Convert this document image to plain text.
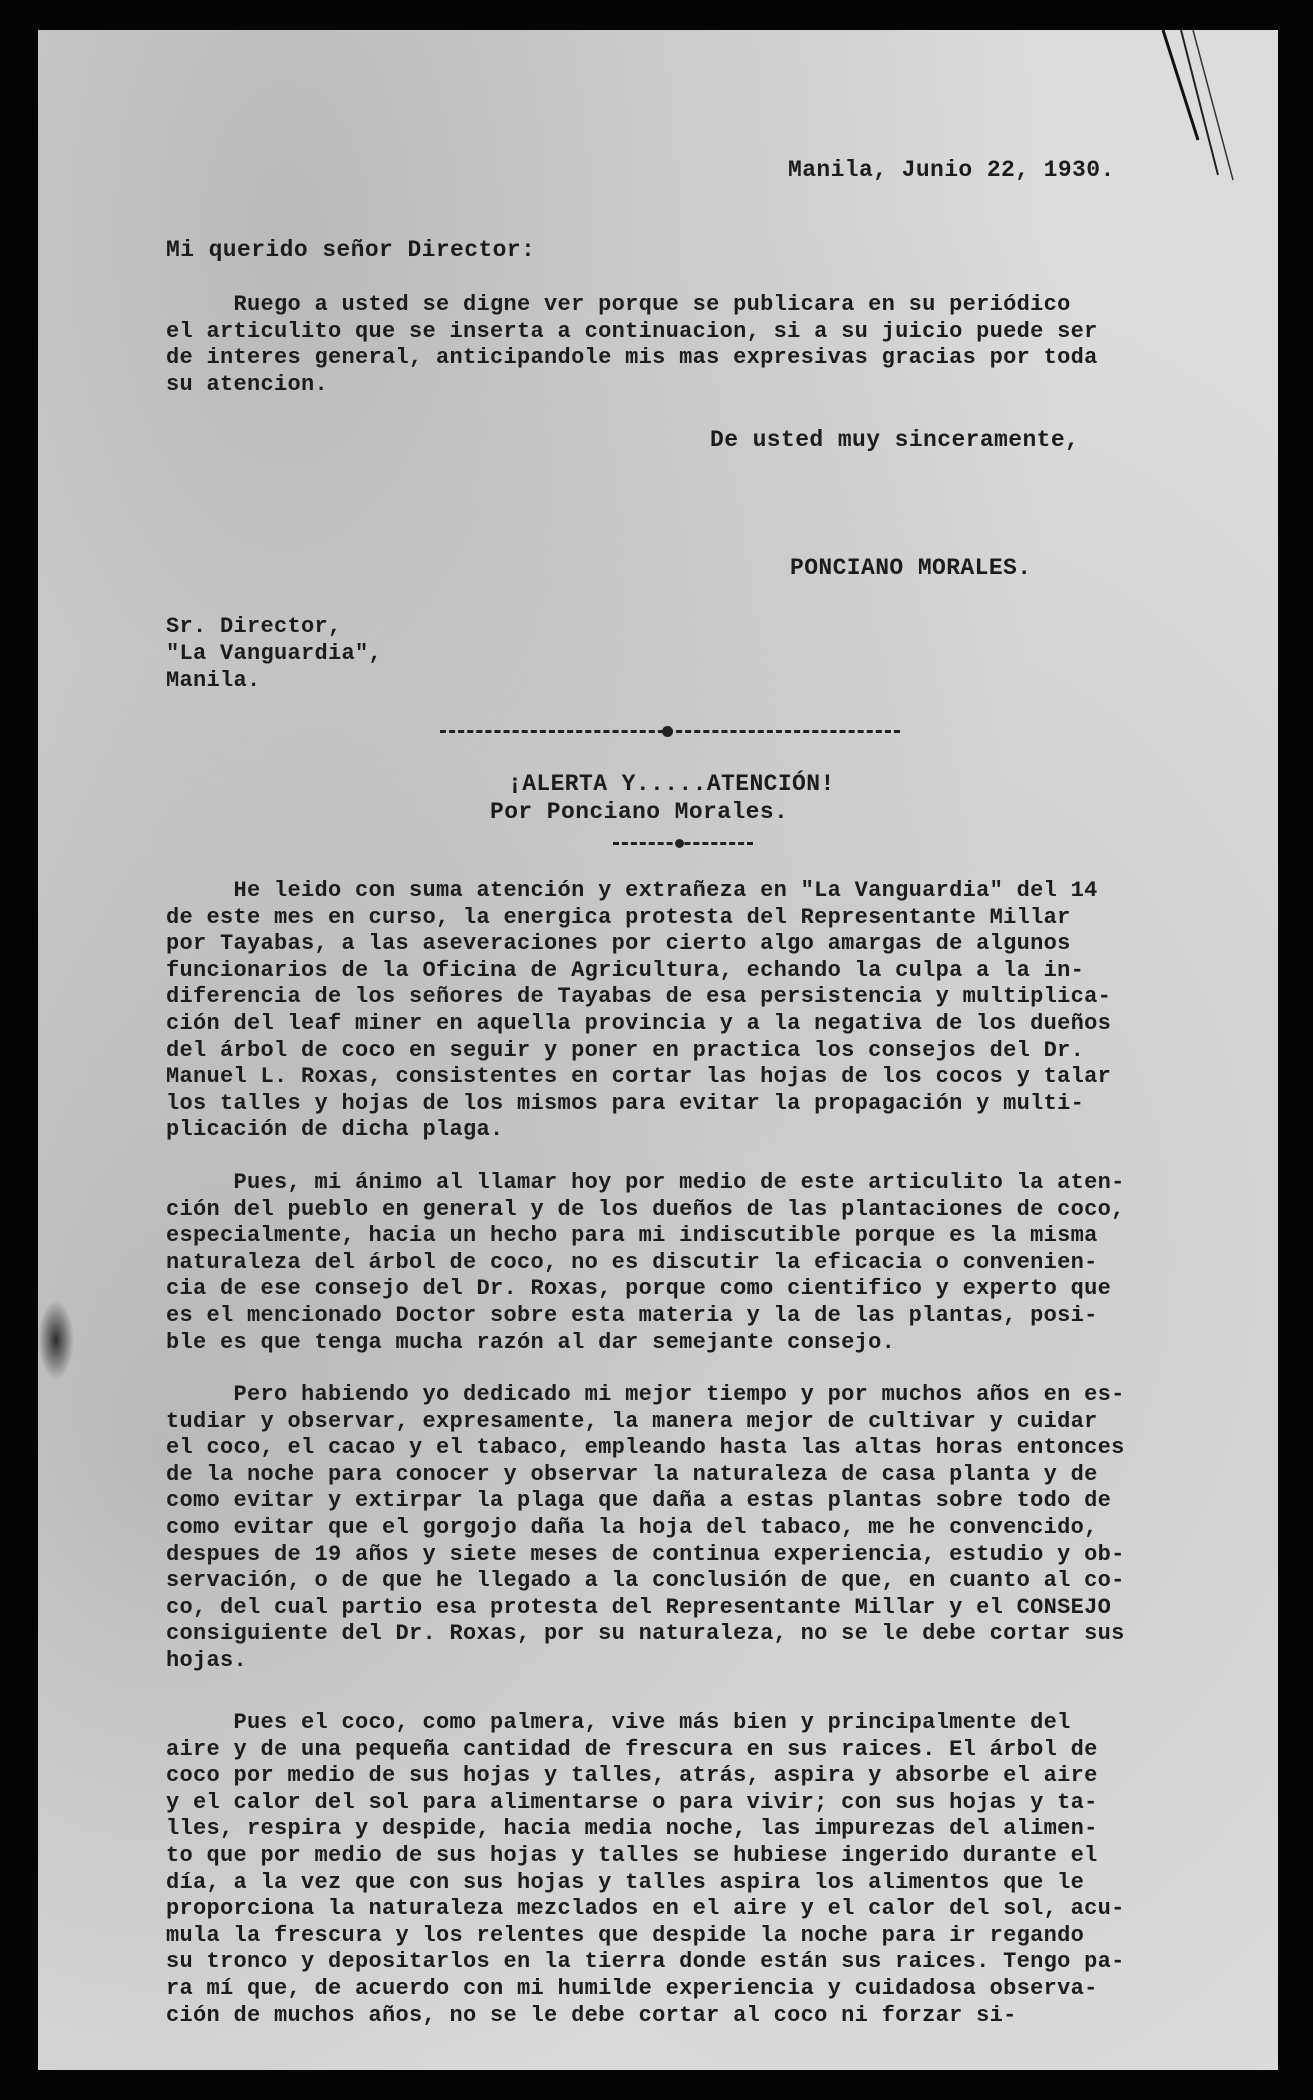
Manila, Junio 22, 1930.

Mi querido señor Director:

Ruego a usted se digne ver porque se publicara en su periódico
el articulito que se inserta a continuacion, si a su juicio puede ser
de interes general, anticipandole mis mas expresivas gracias por toda
su atencion.

De usted muy sinceramente,

PONCIANO MORALES.

Sr. Director,
"La Vanguardia",
Manila.

¡ALERTA Y.....ATENCIÓN!

Por Ponciano Morales.

He leido con suma atención y extrañeza en "La Vanguardia" del 14
de este mes en curso, la energica protesta del Representante Millar
por Tayabas, a las aseveraciones por cierto algo amargas de algunos
funcionarios de la Oficina de Agricultura, echando la culpa a la in-
diferencia de los señores de Tayabas de esa persistencia y multiplica-
ción del leaf miner en aquella provincia y a la negativa de los dueños
del árbol de coco en seguir y poner en practica los consejos del Dr.
Manuel L. Roxas, consistentes en cortar las hojas de los cocos y talar
los talles y hojas de los mismos para evitar la propagación y multi-
plicación de dicha plaga.
Pues, mi ánimo al llamar hoy por medio de este articulito la aten-
ción del pueblo en general y de los dueños de las plantaciones de coco,
especialmente, hacia un hecho para mi indiscutible porque es la misma
naturaleza del árbol de coco, no es discutir la eficacia o convenien-
cia de ese consejo del Dr. Roxas, porque como cientifico y experto que
es el mencionado Doctor sobre esta materia y la de las plantas, posi-
ble es que tenga mucha razón al dar semejante consejo.
Pero habiendo yo dedicado mi mejor tiempo y por muchos años en es-
tudiar y observar, expresamente, la manera mejor de cultivar y cuidar
el coco, el cacao y el tabaco, empleando hasta las altas horas entonces
de la noche para conocer y observar la naturaleza de casa planta y de
como evitar y extirpar la plaga que daña a estas plantas sobre todo de
como evitar que el gorgojo daña la hoja del tabaco, me he convencido,
despues de 19 años y siete meses de continua experiencia, estudio y ob-
servación, o de que he llegado a la conclusión de que, en cuanto al co-
co, del cual partio esa protesta del Representante Millar y el CONSEJO
consiguiente del Dr. Roxas, por su naturaleza, no se le debe cortar sus
hojas.
Pues el coco, como palmera, vive más bien y principalmente del
aire y de una pequeña cantidad de frescura en sus raices. El árbol de
coco por medio de sus hojas y talles, atrás, aspira y absorbe el aire
y el calor del sol para alimentarse o para vivir; con sus hojas y ta-
lles, respira y despide, hacia media noche, las impurezas del alimen-
to que por medio de sus hojas y talles se hubiese ingerido durante el
día, a la vez que con sus hojas y talles aspira los alimentos que le
proporciona la naturaleza mezclados en el aire y el calor del sol, acu-
mula la frescura y los relentes que despide la noche para ir regando
su tronco y depositarlos en la tierra donde están sus raices. Tengo pa-
ra mí que, de acuerdo con mi humilde experiencia y cuidadosa observa-
ción de muchos años, no se le debe cortar al coco ni forzar si-
